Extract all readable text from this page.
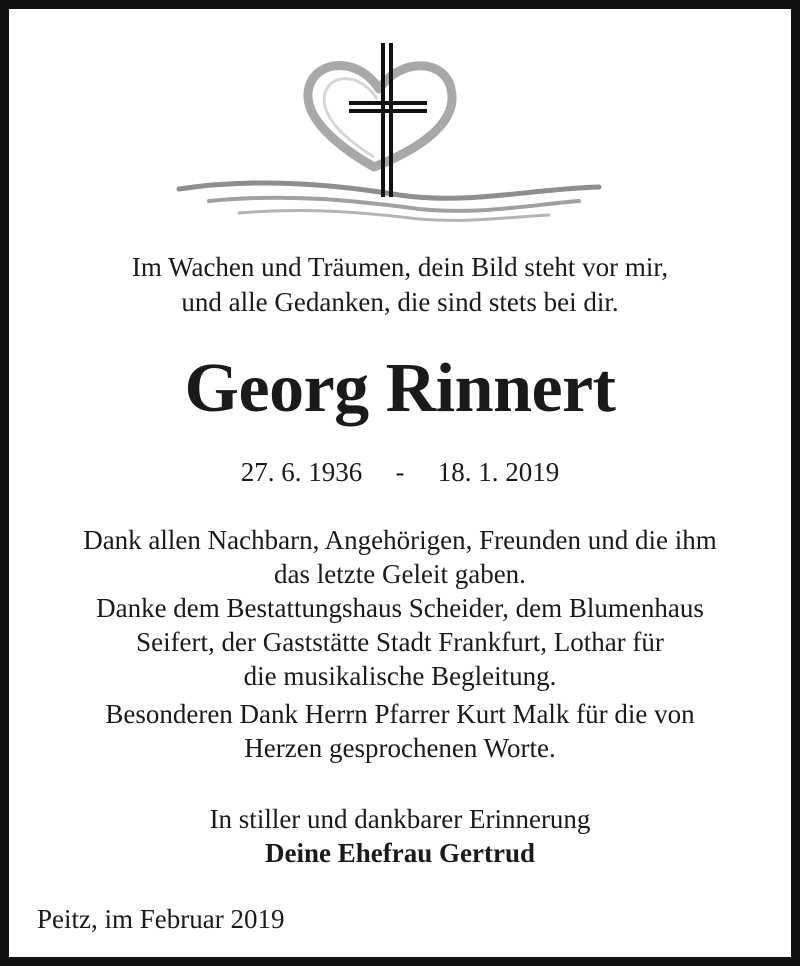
Im Wachen und Träumen, dein Bild steht vor mir,
und alle Gedanken, die sind stets bei dir.
Georg Rinnert
27. 6. 1936 - 18. 1. 2019
Dank allen Nachbarn, Angehörigen, Freunden und die ihm
das letzte Geleit gaben.
Danke dem Bestattungshaus Scheider, dem Blumenhaus
Seifert, der Gaststätte Stadt Frankfurt, Lothar für
die musikalische Begleitung.
Besonderen Dank Herrn Pfarrer Kurt Malk für die von
Herzen gesprochenen Worte.
In stiller und dankbarer Erinnerung
Deine Ehefrau Gertrud
Peitz, im Februar 2019
